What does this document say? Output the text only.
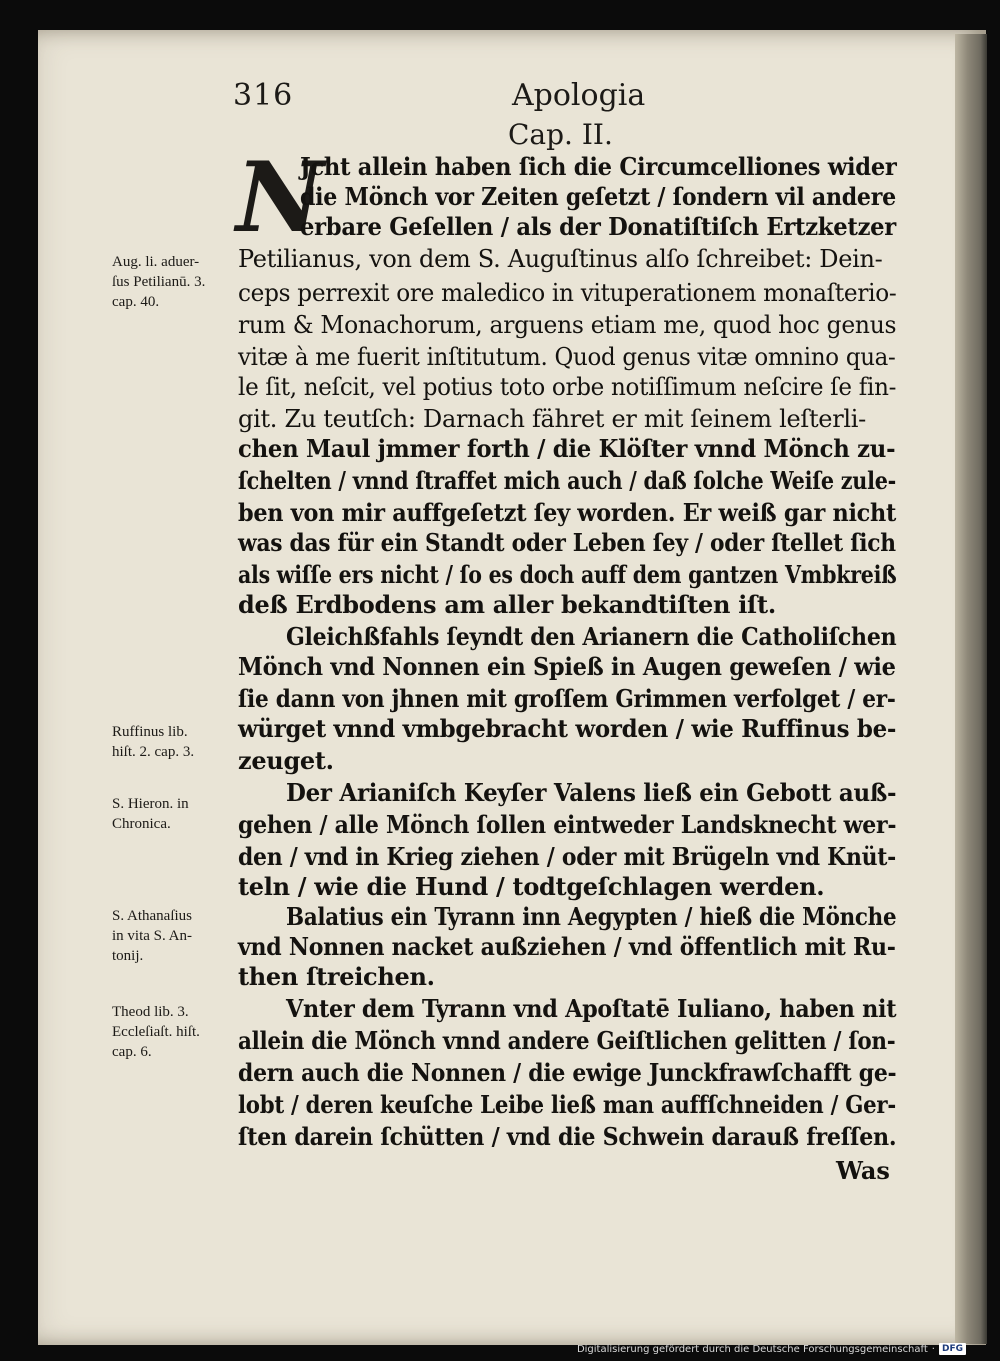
316	Apologia
Cap. II.
N
Jcht allein haben ſich die Circumcelliones wider
die Mönch vor Zeiten geſetzt / ſondern vil andere
erbare Geſellen / als der Donatiſtiſch Ertzketzer
Petilianus, von dem S. Auguſtinus alſo ſchreibet: Dein-
ceps perrexit ore maledico in vituperationem monaſterio-
rum & Monachorum, arguens etiam me, quod hoc genus
vitæ à me fuerit inſtitutum. Quod genus vitæ omnino qua-
le ſit, neſcit, vel potius toto orbe notiſſimum neſcire ſe fin-
git. Zu teutſch: Darnach fähret er mit ſeinem leſterli-
chen Maul jmmer forth / die Klöſter vnnd Mönch zu-
ſchelten / vnnd ſtraffet mich auch / daß ſolche Weiſe zule-
ben von mir auffgeſetzt ſey worden. Er weiß gar nicht
was das für ein Standt oder Leben ſey / oder ſtellet ſich
als wiſſe ers nicht / ſo es doch auff dem gantzen Vmbkreiß
deß Erdbodens am aller bekandtiſten iſt.
Gleichßfahls ſeyndt den Arianern die Catholiſchen
Mönch vnd Nonnen ein Spieß in Augen geweſen / wie
ſie dann von jhnen mit groſſem Grimmen verfolget / er-
würget vnnd vmbgebracht worden / wie Ruffinus be-
zeuget.
Der Arianiſch Keyſer Valens ließ ein Gebott auß-
gehen / alle Mönch ſollen eintweder Landsknecht wer-
den / vnd in Krieg ziehen / oder mit Brügeln vnd Knüt-
teln / wie die Hund / todtgeſchlagen werden.
Balatius ein Tyrann inn Aegypten / hieß die Mönche
vnd Nonnen nacket außziehen / vnd öffentlich mit Ru-
then ſtreichen.
Vnter dem Tyrann vnd Apoſtatē Iuliano, haben nit
allein die Mönch vnnd andere Geiſtlichen gelitten / ſon-
dern auch die Nonnen / die ewige Junckfrawſchafft ge-
lobt / deren keuſche Leibe ließ man auffſchneiden / Ger-
ſten darein ſchütten / vnd die Schwein darauß freſſen.
Aug. li. aduer-
ſus Petilianū. 3.
cap. 40.
Ruffinus lib.
hiſt. 2. cap. 3.
S. Hieron. in
Chronica.
S. Athanaſius
in vita S. An-
tonij.
Theod lib. 3.
Eccleſiaſt. hiſt.
cap. 6.
Was
Digitalisierung gefördert durch die Deutsche Forschungsgemeinschaft · DFG
